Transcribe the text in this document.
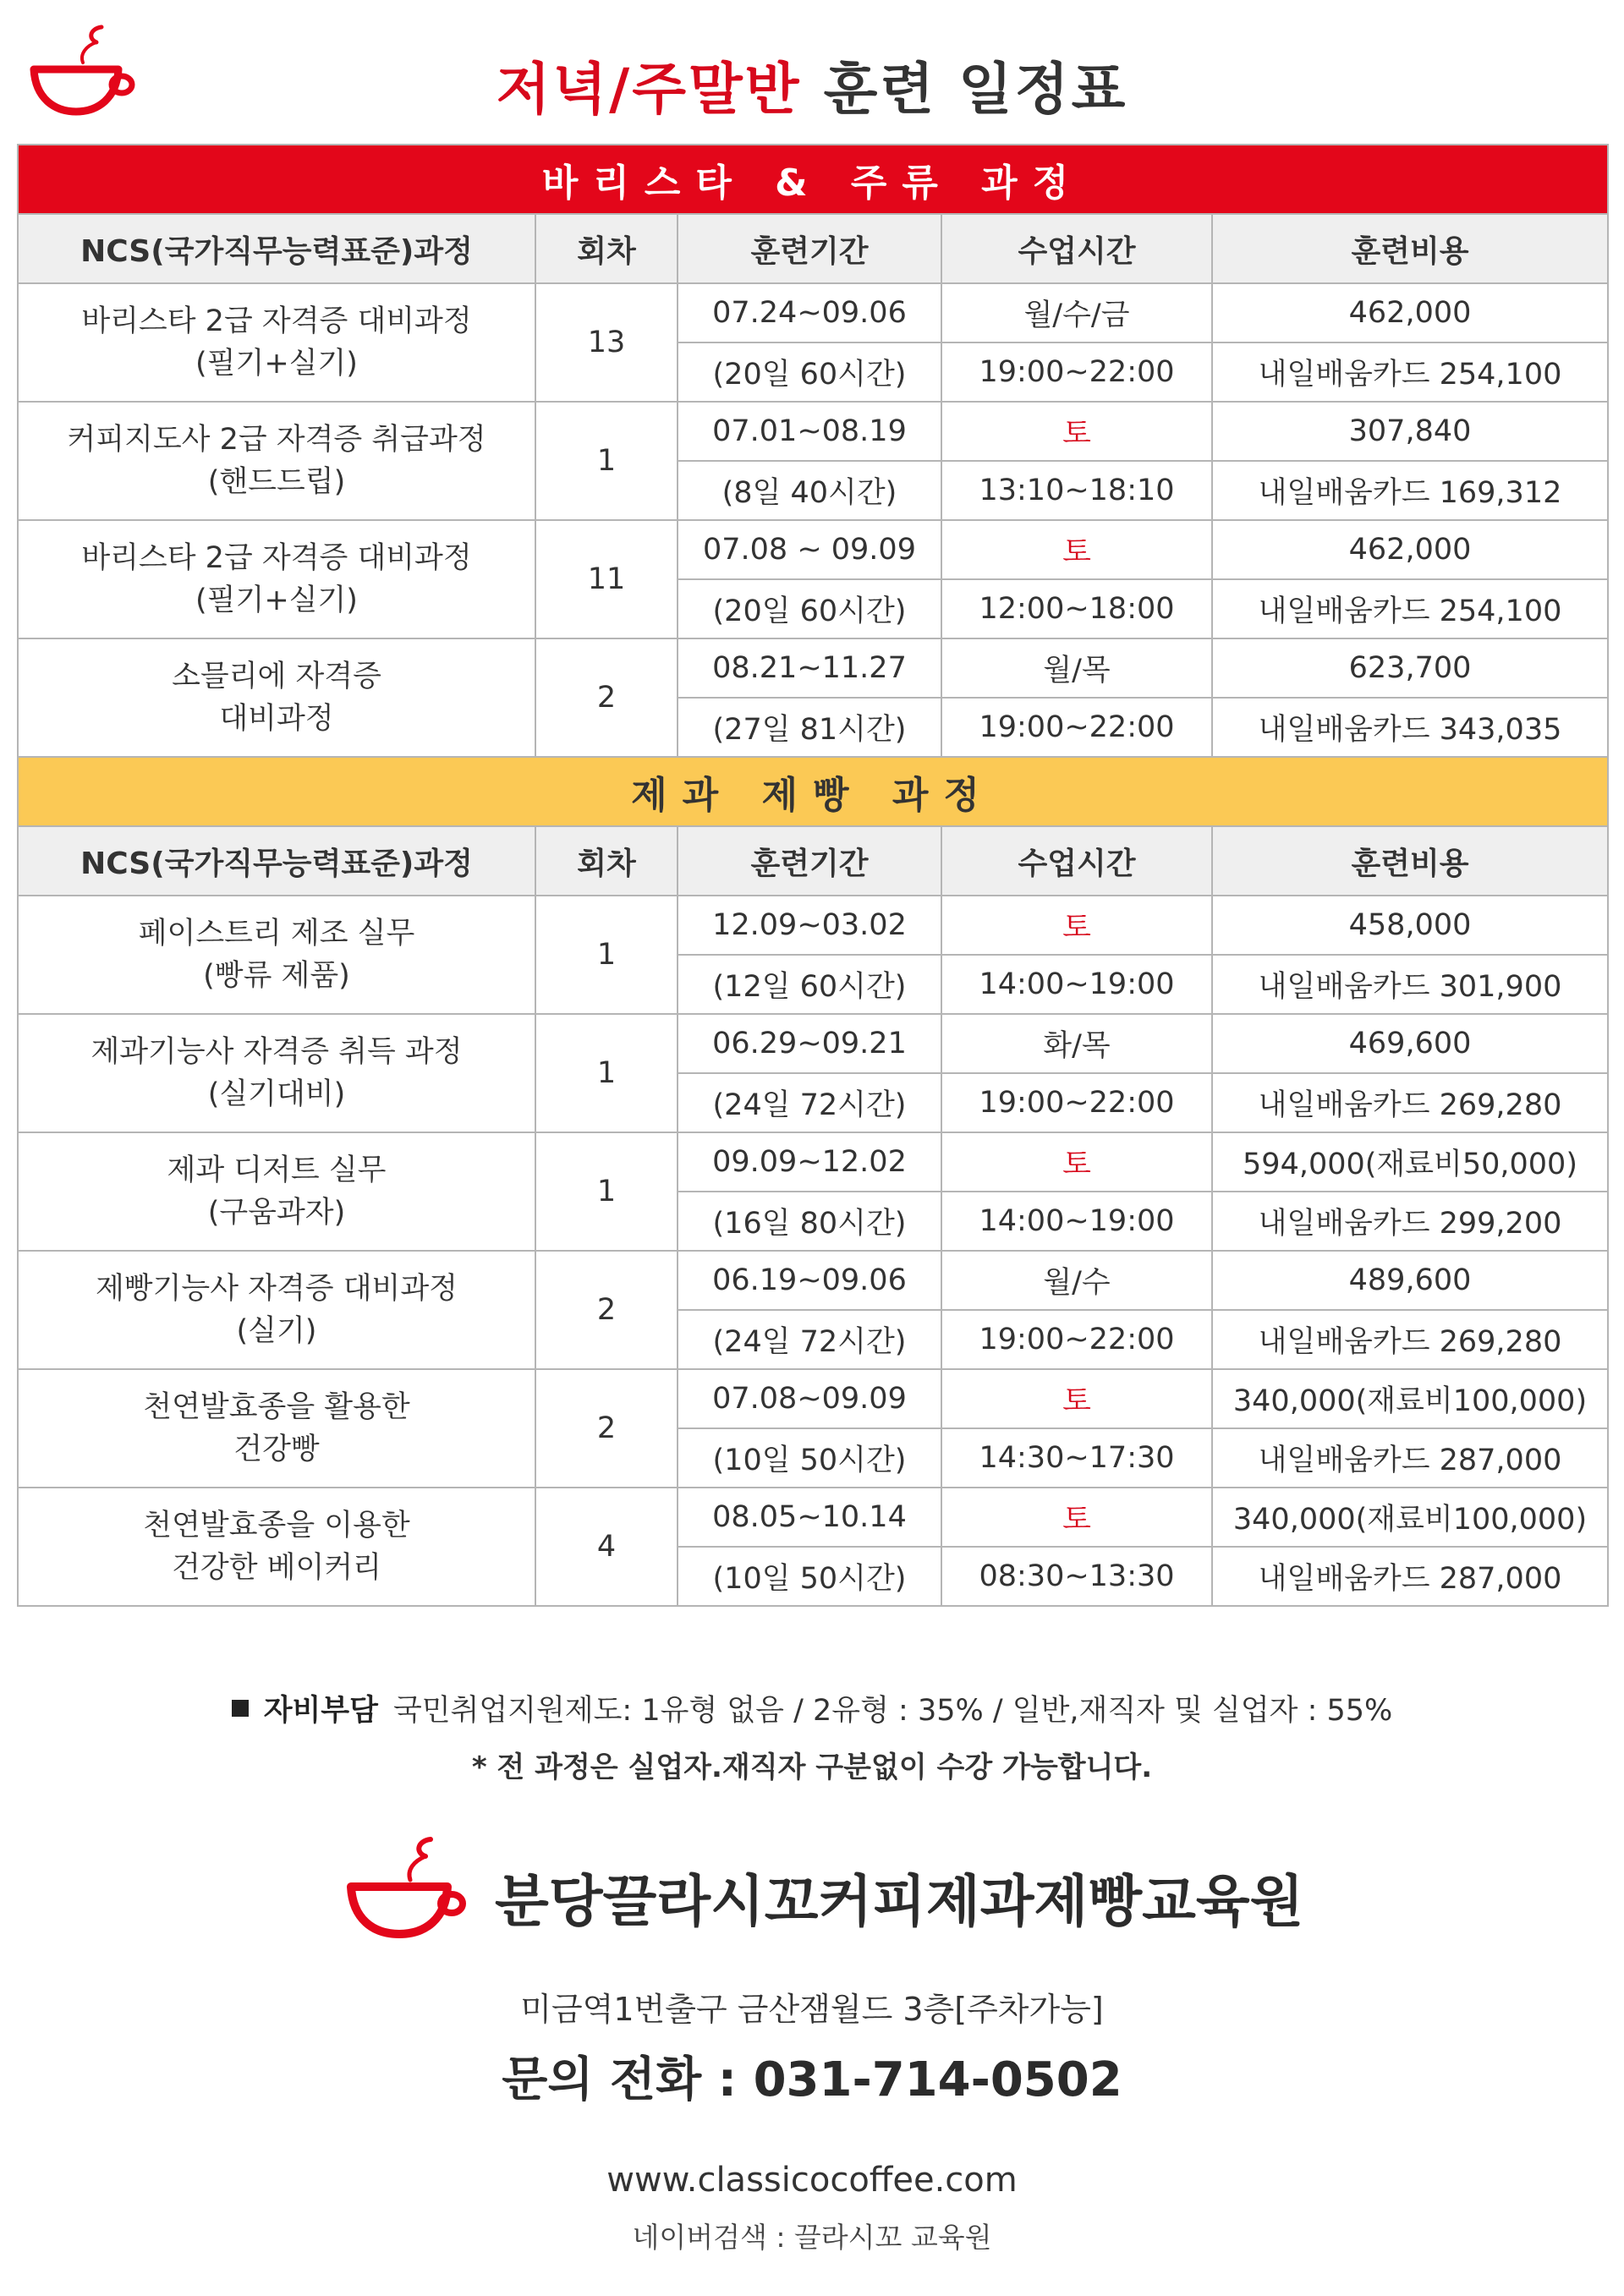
저녁/주말반 훈련 일정표
바리스타 & 주류 과정				
NCS(국가직무능력표준)과정	회차	훈련기간	수업시간	훈련비용
바리스타 2급 자격증 대비과정
(필기+실기)	13	07.24~09.06	월/수/금	462,000
		(20일 60시간)	19:00~22:00	내일배움카드 254,100
커피지도사 2급 자격증 취급과정
(핸드드립)	1	07.01~08.19	토	307,840
		(8일 40시간)	13:10~18:10	내일배움카드 169,312
바리스타 2급 자격증 대비과정
(필기+실기)	11	07.08 ~ 09.09	토	462,000
		(20일 60시간)	12:00~18:00	내일배움카드 254,100
소믈리에 자격증
대비과정	2	08.21~11.27	월/목	623,700
		(27일 81시간)	19:00~22:00	내일배움카드 343,035
제과 제빵 과정				
NCS(국가직무능력표준)과정	회차	훈련기간	수업시간	훈련비용
페이스트리 제조 실무
(빵류 제품)	1	12.09~03.02	토	458,000
		(12일 60시간)	14:00~19:00	내일배움카드 301,900
제과기능사 자격증 취득 과정
(실기대비)	1	06.29~09.21	화/목	469,600
		(24일 72시간)	19:00~22:00	내일배움카드 269,280
제과 디저트 실무
(구움과자)	1	09.09~12.02	토	594,000(재료비50,000)
		(16일 80시간)	14:00~19:00	내일배움카드 299,200
제빵기능사 자격증 대비과정
(실기)	2	06.19~09.06	월/수	489,600
		(24일 72시간)	19:00~22:00	내일배움카드 269,280
천연발효종을 활용한
건강빵	2	07.08~09.09	토	340,000(재료비100,000)
		(10일 50시간)	14:30~17:30	내일배움카드 287,000
천연발효종을 이용한
건강한 베이커리	4	08.05~10.14	토	340,000(재료비100,000)
		(10일 50시간)	08:30~13:30	내일배움카드 287,000
자비부담 국민취업지원제도: 1유형 없음 / 2유형 : 35% / 일반,재직자 및 실업자 : 55%
* 전 과정은 실업자.재직자 구분없이 수강 가능합니다.
분당끌라시꼬커피제과제빵교육원
미금역1번출구 금산잼월드 3층[주차가능]
문의 전화 : 031-714-0502
www.classicocoffee.com
네이버검색 : 끌라시꼬 교육원
